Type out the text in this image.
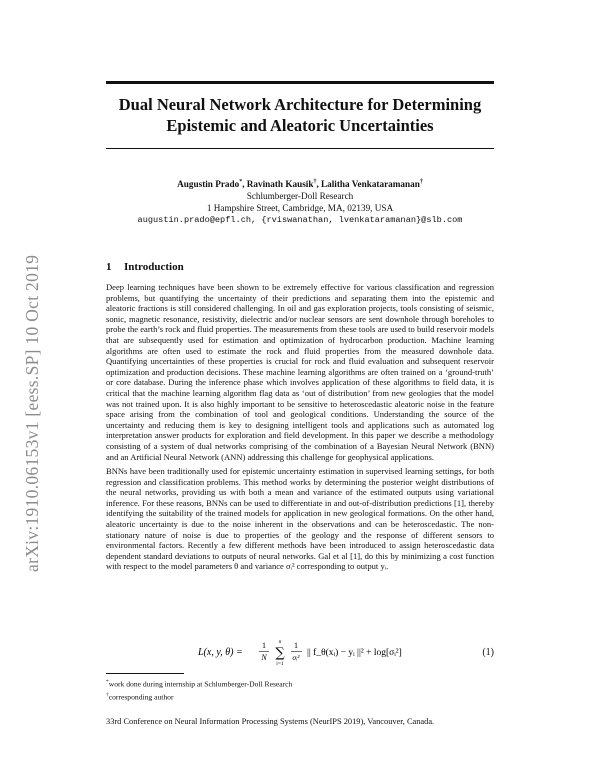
arXiv:1910.06153v1 [eess.SP] 10 Oct 2019
Dual Neural Network Architecture for Determining
Epistemic and Aleatoric Uncertainties
Augustin Prado*, Ravinath Kausik†, Lalitha Venkataramanan†
Schlumberger-Doll Research
1 Hampshire Street, Cambridge, MA, 02139, USA
augustin.prado@epfl.ch, {rviswanathan, lvenkataramanan}@slb.com
1 Introduction

Deep learning techniques have been shown to be extremely effective for various classification and regression problems, but quantifying the uncertainty of their predictions and separating them into the epistemic and aleatoric fractions is still considered challenging. In oil and gas exploration projects, tools consisting of seismic, sonic, magnetic resonance, resistivity, dielectric and/or nuclear sensors are sent downhole through boreholes to probe the earth’s rock and fluid properties. The measurements from these tools are used to build reservoir models that are subsequently used for estimation and optimization of hydrocarbon production. Machine learning algorithms are often used to estimate the rock and fluid properties from the measured downhole data. Quantifying uncertainties of these properties is crucial for rock and fluid evaluation and subsequent reservoir optimization and production decisions. These machine learning algorithms are often trained on a ‘ground-truth’ or core database. During the inference phase which involves application of these algorithms to field data, it is critical that the machine learning algorithm flag data as ‘out of distribution’ from new geologies that the model was not trained upon. It is also highly important to be sensitive to heteroscedastic aleatoric noise in the feature space arising from the combination of tool and geological conditions. Understanding the source of the uncertainty and reducing them is key to designing intelligent tools and applications such as automated log interpretation answer products for exploration and field development. In this paper we describe a methodology consisting of a system of dual networks comprising of the combination of a Bayesian Neural Network (BNN) and an Artificial Neural Network (ANN) addressing this challenge for geophysical applications.

BNNs have been traditionally used for epistemic uncertainty estimation in supervised learning settings, for both regression and classification problems. This method works by determining the posterior weight distributions of the neural networks, providing us with both a mean and variance of the estimated outputs using variational inference. For these reasons, BNNs can be used to differentiate in and out-of-distribution predictions [1], thereby identifying the suitability of the trained models for application in new geological formations. On the other hand, aleatoric uncertainty is due to the noise inherent in the observations and can be heteroscedastic. The non-stationary nature of noise is due to properties of the geology and the response of different sensors to environmental factors. Recently a few different methods have been introduced to assign heteroscedastic data dependent standard deviations to outputs of neural networks. Gal et al [1], do this by minimizing a cost function with respect to the model parameters θ and variance σᵢ² corresponding to output yᵢ.

L(x, y, θ) =
1
N
n
∑
i=1
1
σᵢ² || f_θ(xᵢ) − yᵢ ||² + log[σᵢ²]	(1)
*work done during internship at Schlumberger-Doll Research
†corresponding author
33rd Conference on Neural Information Processing Systems (NeurIPS 2019), Vancouver, Canada.
